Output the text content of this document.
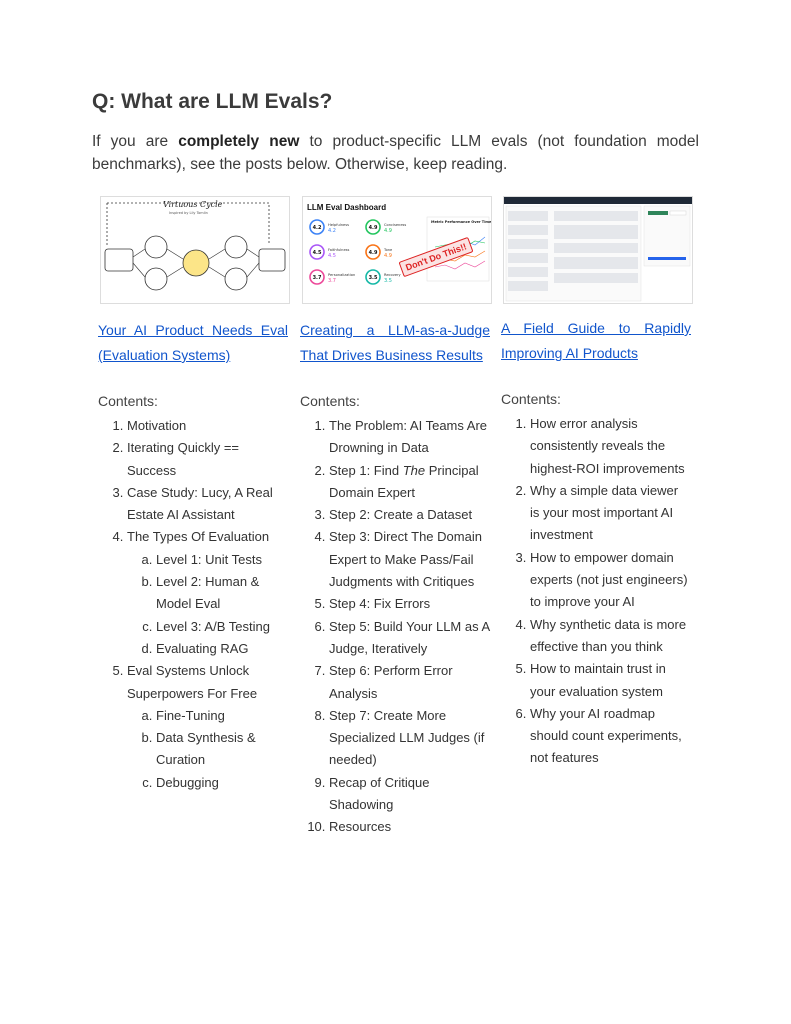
Q: What are LLM Evals?

If you are completely new to product-specific LLM evals (not foundation model benchmarks), see the posts below. Otherwise, keep reading.

Virtuous Cycle
Inspired by Lily Tomlin
Your AI Product Needs Eval (Evaluation Systems)
Contents:
1. Motivation
2. Iterating Quickly == Success
3. Case Study: Lucy, A Real Estate AI Assistant
4. The Types Of Evaluation
a. Level 1: Unit Tests
b. Level 2: Human & Model Eval
c. Level 3: A/B Testing
d. Evaluating RAG
5. Eval Systems Unlock Superpowers For Free
a. Fine-Tuning
b. Data Synthesis & Curation
c. Debugging
LLM Eval Dashboard
4.2 Helpfulness
4.2	4.9 Conciseness
4.9
4.5 Faithfulness
4.5	4.9 Tone
4.9
3.7 Personalization
3.7	3.5 Recovery
3.5
Metric Performance Over Time
Don't Do This!!
Creating a LLM-as-a-Judge That Drives Business Results
Contents:
1. The Problem: AI Teams Are Drowning in Data
2. Step 1: Find The Principal Domain Expert
3. Step 2: Create a Dataset
4. Step 3: Direct The Domain Expert to Make Pass/Fail Judgments with Critiques
5. Step 4: Fix Errors
6. Step 5: Build Your LLM as A Judge, Iteratively
7. Step 6: Perform Error Analysis
8. Step 7: Create More Specialized LLM Judges (if needed)
9. Recap of Critique Shadowing
10. Resources
A Field Guide to Rapidly Improving AI Products
Contents:
1. How error analysis consistently reveals the highest-ROI improvements
2. Why a simple data viewer is your most important AI investment
3. How to empower domain experts (not just engineers) to improve your AI
4. Why synthetic data is more effective than you think
5. How to maintain trust in your evaluation system
6. Why your AI roadmap should count experiments, not features
